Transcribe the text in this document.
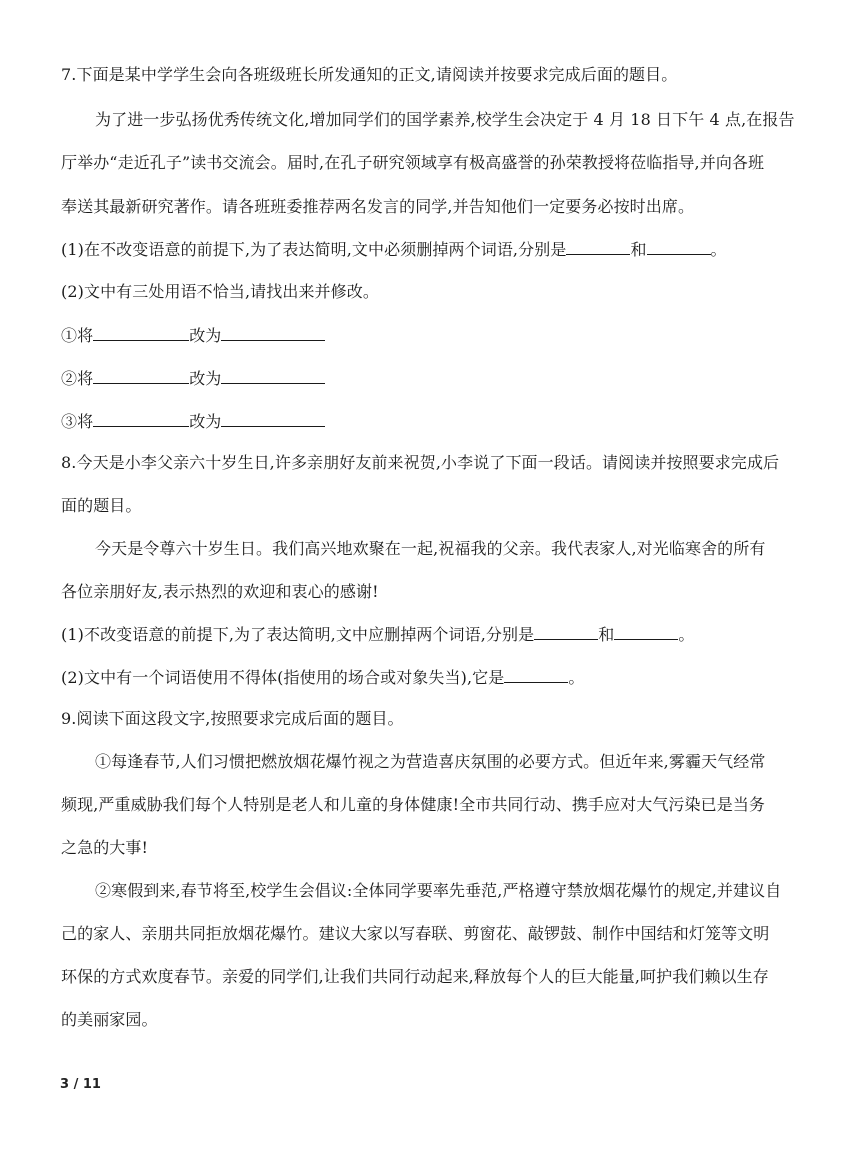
7.下面是某中学学生会向各班级班长所发通知的正文,请阅读并按要求完成后面的题目。
为了进一步弘扬优秀传统文化,增加同学们的国学素养,校学生会决定于 4 月 18 日下午 4 点,在报告
厅举办“走近孔子”读书交流会。届时,在孔子研究领域享有极高盛誉的孙荣教授将莅临指导,并向各班
奉送其最新研究著作。请各班班委推荐两名发言的同学,并告知他们一定要务必按时出席。
(1)在不改变语意的前提下,为了表达简明,文中必须删掉两个词语,分别是	和	。
(2)文中有三处用语不恰当,请找出来并修改。
①将	改为
②将	改为
③将	改为
8.今天是小李父亲六十岁生日,许多亲朋好友前来祝贺,小李说了下面一段话。请阅读并按照要求完成后
面的题目。
今天是令尊六十岁生日。我们高兴地欢聚在一起,祝福我的父亲。我代表家人,对光临寒舍的所有
各位亲朋好友,表示热烈的欢迎和衷心的感谢!
(1)不改变语意的前提下,为了表达简明,文中应删掉两个词语,分别是	和	。
(2)文中有一个词语使用不得体(指使用的场合或对象失当),它是	。
9.阅读下面这段文字,按照要求完成后面的题目。
①每逢春节,人们习惯把燃放烟花爆竹视之为营造喜庆氛围的必要方式。但近年来,雾霾天气经常
频现,严重威胁我们每个人特别是老人和儿童的身体健康!全市共同行动、携手应对大气污染已是当务
之急的大事!
②寒假到来,春节将至,校学生会倡议:全体同学要率先垂范,严格遵守禁放烟花爆竹的规定,并建议自
己的家人、亲朋共同拒放烟花爆竹。建议大家以写春联、剪窗花、敲锣鼓、制作中国结和灯笼等文明
环保的方式欢度春节。亲爱的同学们,让我们共同行动起来,释放每个人的巨大能量,呵护我们赖以生存
的美丽家园。
3 / 11
